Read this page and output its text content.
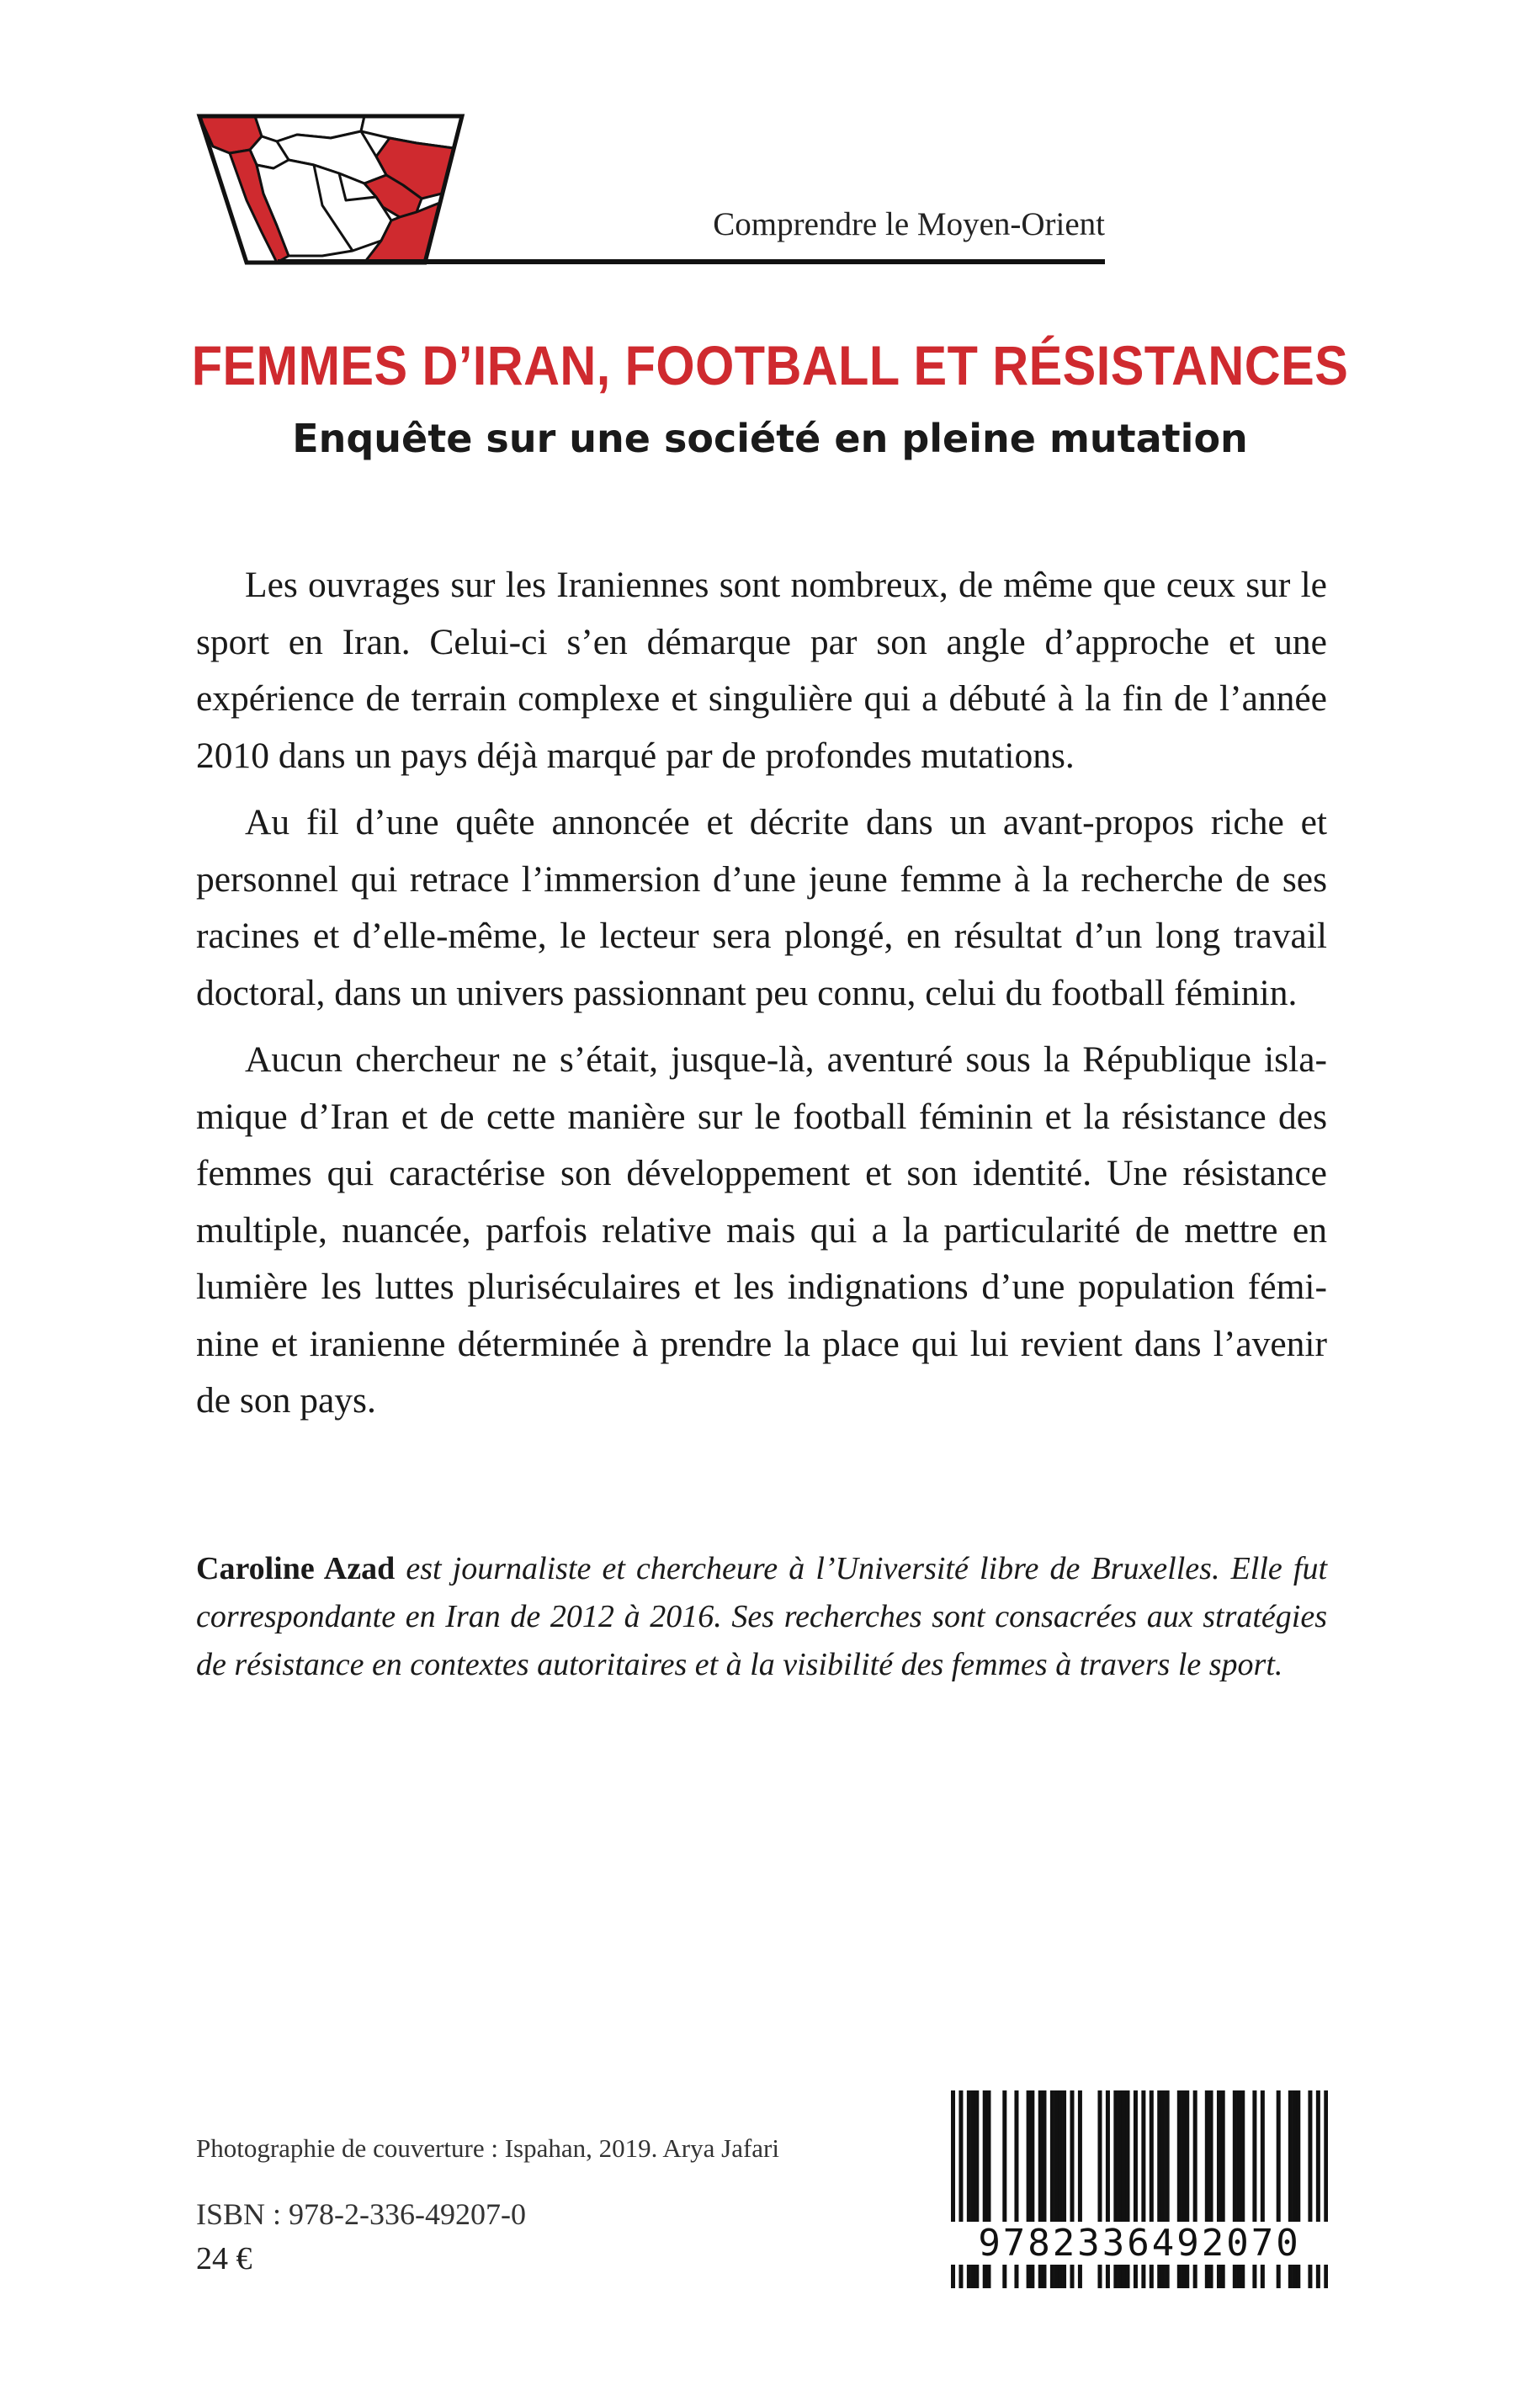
Comprendre le Moyen-Orient
FEMMES D’IRAN, FOOTBALL ET RÉSISTANCES
Enquête sur une société en pleine mutation

Les ouvrages sur les Iraniennes sont nombreux, de même que ceux sur le sport en Iran. Celui-ci s’en démarque par son angle d’approche et une expérience de terrain complexe et singulière qui a débuté à la fin de l’année 2010 dans un pays déjà marqué par de profondes mutations.

Au fil d’une quête annoncée et décrite dans un avant-propos riche et personnel qui retrace l’immersion d’une jeune femme à la recherche de ses racines et d’elle-même, le lecteur sera plongé, en résultat d’un long travail doctoral, dans un univers passionnant peu connu, celui du football féminin.

Aucun chercheur ne s’était, jusque-là, aventuré sous la République islamique d’Iran et de cette manière sur le football féminin et la résistance des femmes qui caractérise son développement et son identité. Une résistance multiple, nuancée, parfois relative mais qui a la particularité de mettre en lumière les luttes pluriséculaires et les indignations d’une population féminine et iranienne déterminée à prendre la place qui lui revient dans l’avenir de son pays.

Caroline Azad est journaliste et chercheure à l’Université libre de Bruxelles. Elle fut correspondante en Iran de 2012 à 2016. Ses recherches sont consacrées aux stratégies de résistance en contextes autoritaires et à la visibilité des femmes à travers le sport.

Photographie de couverture : Ispahan, 2019. Arya Jafari
ISBN : 978-2-336-49207-0
24 €	9782336492070
